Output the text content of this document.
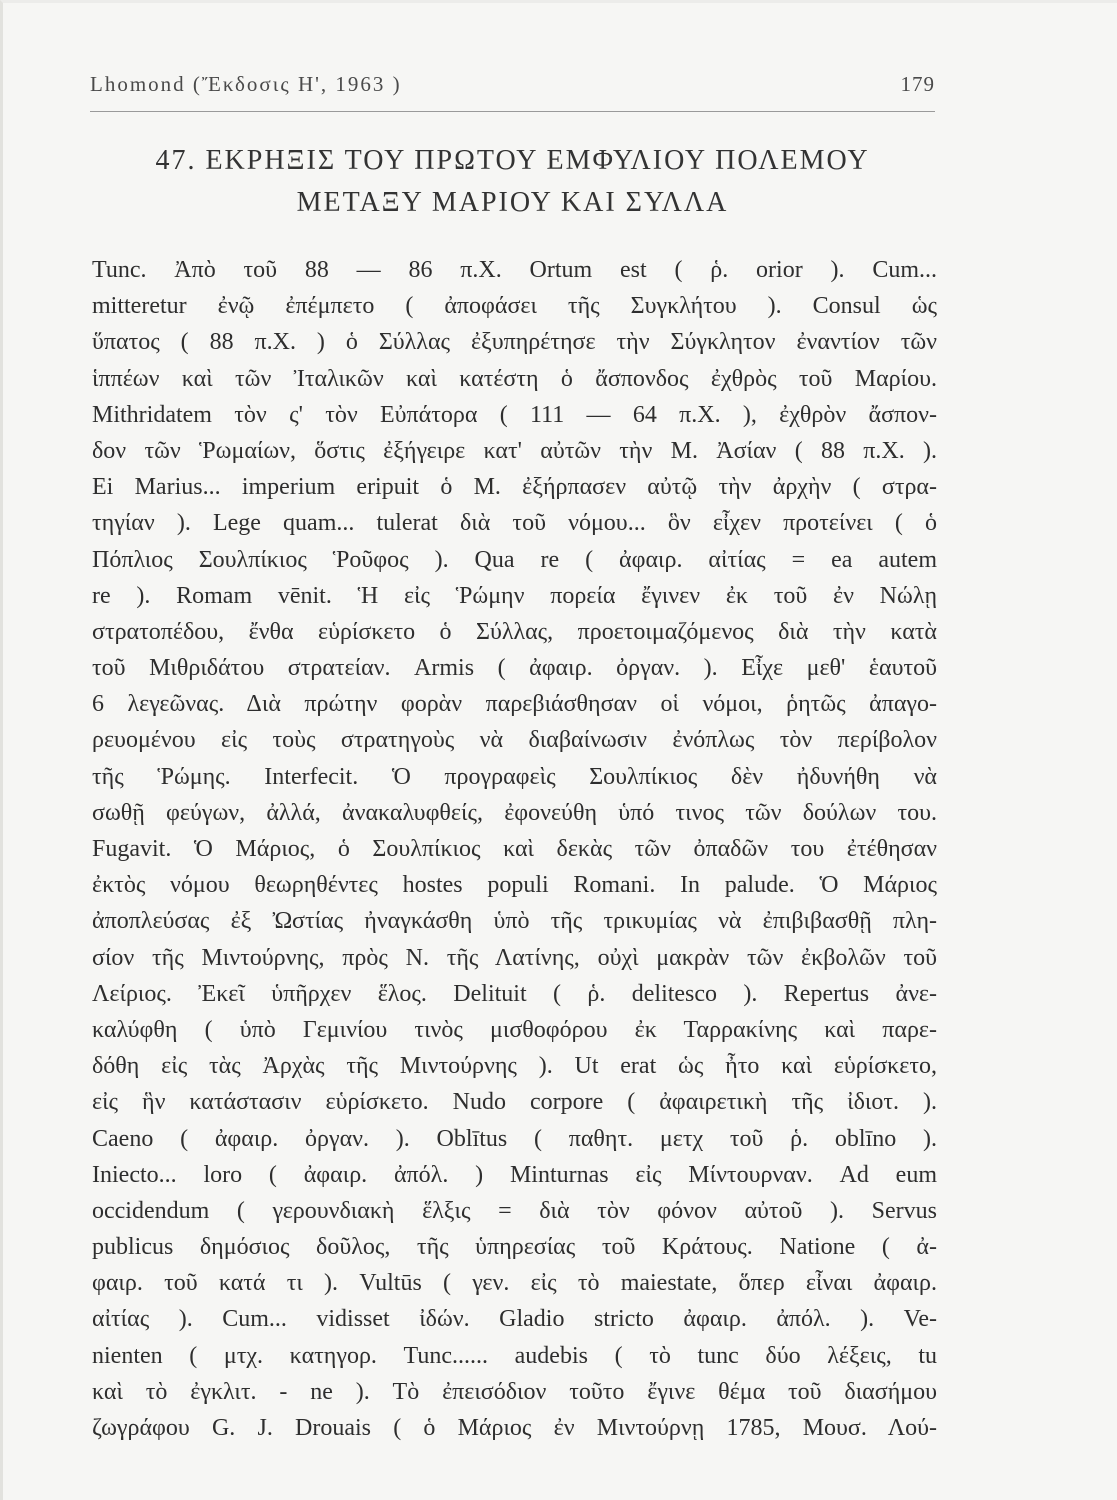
Lhomond (Ἔκδοσις Η', 1963 )	179
47. ΕΚΡΗΞΙΣ ΤΟΥ ΠΡΩΤΟΥ ΕΜΦΥΛΙΟΥ ΠΟΛΕΜΟΥ
ΜΕΤΑΞΥ ΜΑΡΙΟΥ ΚΑΙ ΣΥΛΛΑ
Tunc. Ἀπὸ τοῦ 88 — 86 π.Χ. Ortum est ( ῥ. orior ). Cum...
mitteretur ἐνῷ ἐπέμπετο ( ἀποφάσει τῆς Συγκλήτου ). Consul ὡς
ὕπατος ( 88 π.Χ. ) ὁ Σύλλας ἐξυπηρέτησε τὴν Σύγκλητον ἐναντίον τῶν
ἱππέων καὶ τῶν Ἰταλικῶν καὶ κατέστη ὁ ἄσπονδος ἐχθρὸς τοῦ Μαρίου.
Mithridatem τὸν ς' τὸν Εὐπάτορα ( 111 — 64 π.Χ. ), ἐχθρὸν ἄσπον-
δον τῶν Ῥωμαίων, ὅστις ἐξήγειρε κατ' αὐτῶν τὴν Μ. Ἀσίαν ( 88 π.Χ. ).
Ei Marius... imperium eripuit ὁ Μ. ἐξήρπασεν αὐτῷ τὴν ἀρχὴν ( στρα-
τηγίαν ). Lege quam... tulerat διὰ τοῦ νόμου... ὃν εἶχεν προτείνει ( ὁ
Πόπλιος Σουλπίκιος Ῥοῦφος ). Qua re ( ἀφαιρ. αἰτίας = ea autem
re ). Romam vēnit. Ἡ εἰς Ῥώμην πορεία ἔγινεν ἐκ τοῦ ἐν Νώλῃ
στρατοπέδου, ἔνθα εὑρίσκετο ὁ Σύλλας, προετοιμαζόμενος διὰ τὴν κατὰ
τοῦ Μιθριδάτου στρατείαν. Armis ( ἀφαιρ. ὀργαν. ). Εἶχε μεθ' ἑαυτοῦ
6 λεγεῶνας. Διὰ πρώτην φορὰν παρεβιάσθησαν οἱ νόμοι, ῥητῶς ἀπαγο-
ρευομένου εἰς τοὺς στρατηγοὺς νὰ διαβαίνωσιν ἐνόπλως τὸν περίβολον
τῆς Ῥώμης. Interfecit. Ὁ προγραφεὶς Σουλπίκιος δὲν ἠδυνήθη νὰ
σωθῇ φεύγων, ἀλλά, ἀνακαλυφθείς, ἐφονεύθη ὑπό τινος τῶν δούλων του.
Fugavit. Ὁ Μάριος, ὁ Σουλπίκιος καὶ δεκὰς τῶν ὀπαδῶν του ἐτέθησαν
ἐκτὸς νόμου θεωρηθέντες hostes populi Romani. In palude. Ὁ Μάριος
ἀποπλεύσας ἐξ Ὠστίας ἠναγκάσθη ὑπὸ τῆς τρικυμίας νὰ ἐπιβιβασθῇ πλη-
σίον τῆς Μιντούρνης, πρὸς Ν. τῆς Λατίνης, οὐχὶ μακρὰν τῶν ἐκβολῶν τοῦ
Λείριος. Ἐκεῖ ὑπῆρχεν ἕλος. Delituit ( ῥ. delitesco ). Repertus ἀνε-
καλύφθη ( ὑπὸ Γεμινίου τινὸς μισθοφόρου ἐκ Ταρρακίνης καὶ παρε-
δόθη εἰς τὰς Ἀρχὰς τῆς Μιντούρνης ). Ut erat ὡς ἦτο καὶ εὑρίσκετο,
εἰς ἣν κατάστασιν εὑρίσκετο. Nudo corpore ( ἀφαιρετικὴ τῆς ἰδιοτ. ).
Caeno ( ἀφαιρ. ὀργαν. ). Oblītus ( παθητ. μετχ τοῦ ῥ. oblīno ).
Iniecto... loro ( ἀφαιρ. ἀπόλ. ) Minturnas εἰς Μίντουρναν. Ad eum
occidendum ( γερουνδιακὴ ἕλξις = διὰ τὸν φόνον αὐτοῦ ). Servus
publicus δημόσιος δοῦλος, τῆς ὑπηρεσίας τοῦ Κράτους. Natione ( ἀ-
φαιρ. τοῦ κατά τι ). Vultūs ( γεν. εἰς τὸ maiestate, ὅπερ εἶναι ἀφαιρ.
αἰτίας ). Cum... vidisset ἰδών. Gladio stricto ἀφαιρ. ἀπόλ. ). Ve-
nienten ( μτχ. κατηγορ. Tunc...... audebis ( τὸ tunc δύο λέξεις, tu
καὶ τὸ ἐγκλιτ. - ne ). Τὸ ἐπεισόδιον τοῦτο ἔγινε θέμα τοῦ διασήμου
ζωγράφου G. J. Drouais ( ὁ Μάριος ἐν Μιντούρνῃ 1785, Μουσ. Λού-
